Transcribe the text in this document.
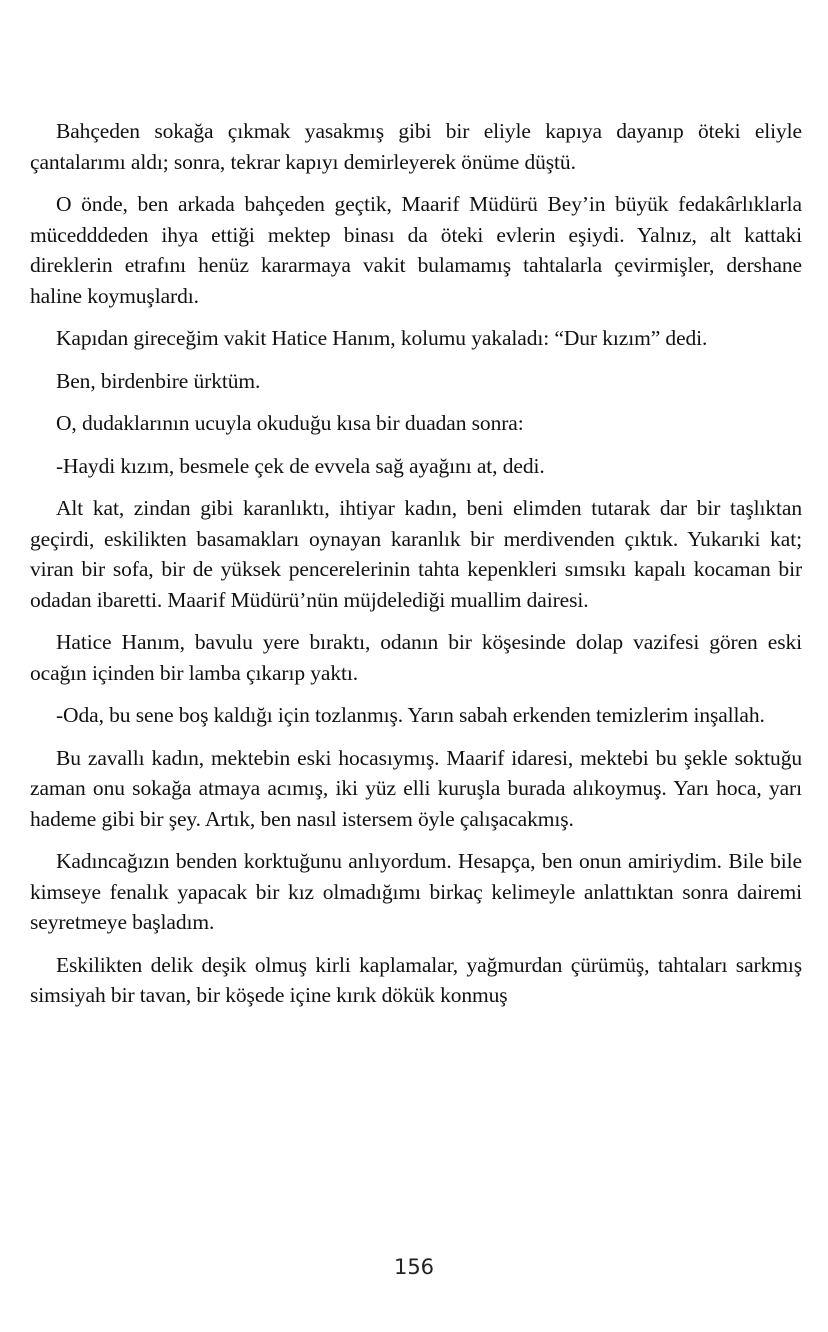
Bahçeden sokağa çıkmak yasakmış gibi bir eliyle kapıya dayanıp öteki eliyle çantalarımı aldı; sonra, tekrar kapıyı demirleyerek önüme düştü.

O önde, ben arkada bahçeden geçtik, Maarif Müdürü Bey’in büyük fedakârlıklarla mücedddeden ihya ettiği mektep binası da öteki evlerin eşiydi. Yalnız, alt kattaki direklerin etrafını henüz kararmaya vakit bulamamış tahtalarla çevirmişler, dershane haline koymuşlardı.

Kapıdan gireceğim vakit Hatice Hanım, kolumu yakaladı: “Dur kızım” dedi.

Ben, birdenbire ürktüm.

O, dudaklarının ucuyla okuduğu kısa bir duadan sonra:

-Haydi kızım, besmele çek de evvela sağ ayağını at, dedi.

Alt kat, zindan gibi karanlıktı, ihtiyar kadın, beni elimden tutarak dar bir taşlıktan geçirdi, eskilikten basamakları oynayan karanlık bir merdivenden çıktık. Yukarıki kat; viran bir sofa, bir de yüksek pencerelerinin tahta kepenkleri sımsıkı kapalı kocaman bir odadan ibaretti. Maarif Müdürü’nün müjdelediği muallim dairesi.

Hatice Hanım, bavulu yere bıraktı, odanın bir köşesinde dolap vazifesi gören eski ocağın içinden bir lamba çıkarıp yaktı.

-Oda, bu sene boş kaldığı için tozlanmış. Yarın sabah erkenden temizlerim inşallah.

Bu zavallı kadın, mektebin eski hocasıymış. Maarif idaresi, mektebi bu şekle soktuğu zaman onu sokağa atmaya acımış, iki yüz elli kuruşla burada alıkoymuş. Yarı hoca, yarı hademe gibi bir şey. Artık, ben nasıl istersem öyle çalışacakmış.

Kadıncağızın benden korktuğunu anlıyordum. Hesapça, ben onun amiriydim. Bile bile kimseye fenalık yapacak bir kız olmadığımı birkaç kelimeyle anlattıktan sonra dairemi seyretmeye başladım.

Eskilikten delik deşik olmuş kirli kaplamalar, yağmurdan çürümüş, tahtaları sarkmış simsiyah bir tavan, bir köşede içine kırık dökük konmuş

156
